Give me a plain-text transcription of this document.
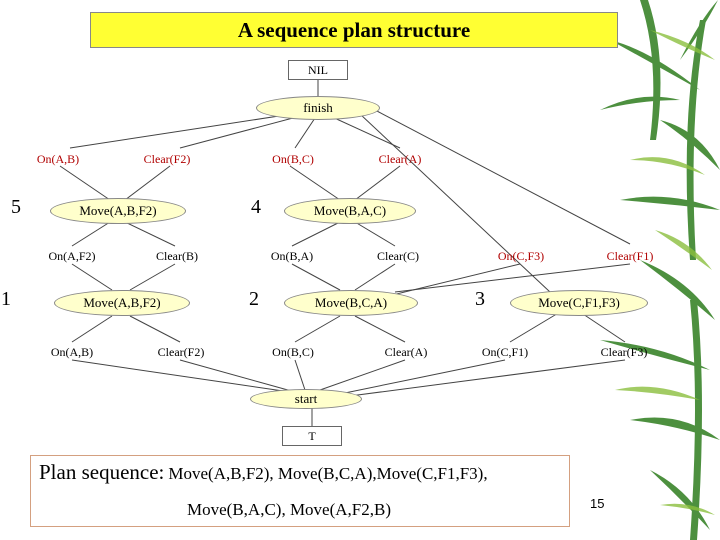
A sequence plan structure
NIL
finish
On(A,B)	Clear(F2)	On(B,C)	Clear(A)
5	Move(A,B,F2)	4	Move(B,A,C)
On(A,F2)	Clear(B)	On(B,A)	Clear(C)	On(C,F3)	Clear(F1)
1	Move(A,B,F2)	2	Move(B,C,A)	3	Move(C,F1,F3)
On(A,B)	Clear(F2)	On(B,C)	Clear(A)	On(C,F1)	Clear(F3)
start
T
Plan sequence: Move(A,B,F2), Move(B,C,A),Move(C,F1,F3),
Move(B,A,C), Move(A,F2,B)	15
